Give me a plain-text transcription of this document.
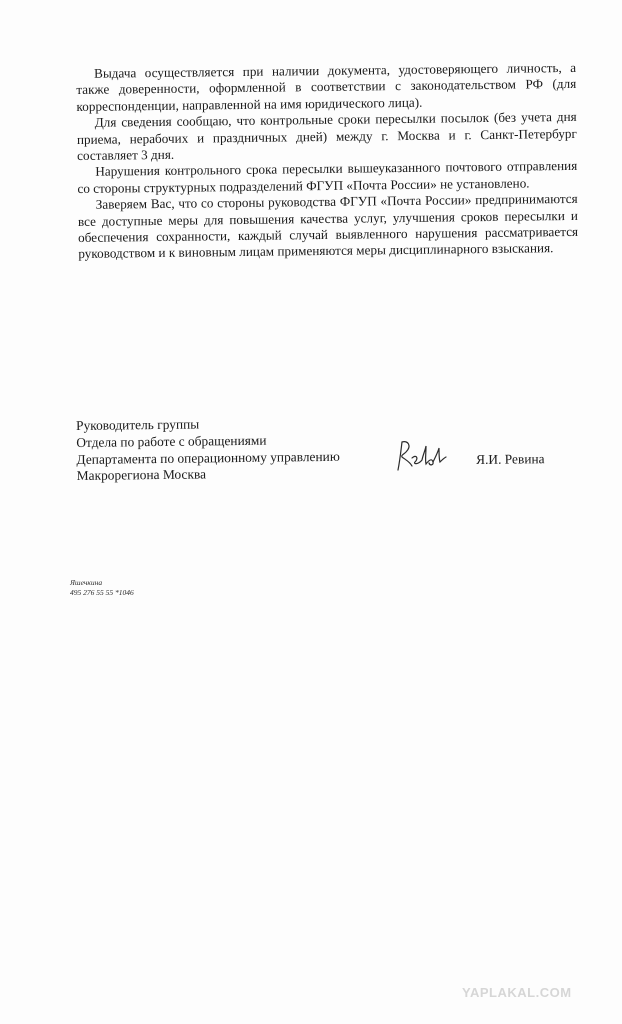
Выдача осуществляется при наличии документа, удостоверяющего личность, а также доверенности, оформленной в соответствии с законодательством РФ (для корреспонденции, направленной на имя юридического лица).

Для сведения сообщаю, что контрольные сроки пересылки посылок (без учета дня приема, нерабочих и праздничных дней) между г. Москва и г. Санкт-Петербург составляет 3 дня.

Нарушения контрольного срока пересылки вышеуказанного почтового отправления со стороны структурных подразделений ФГУП «Почта России» не установлено.

Заверяем Вас, что со стороны руководства ФГУП «Почта России» предпринимаются все доступные меры для повышения качества услуг, улучшения сроков пересылки и обеспечения сохранности, каждый случай выявленного нарушения рассматривается руководством и к виновным лицам применяются меры дисциплинарного взыскания.

Руководитель группы
Отдела по работе с обращениями
Департамента по операционному управлению
Макрорегиона Москва
Я.И. Ревина
Яшечкина
495 276 55 55 *1046
YAPLAKAL.COM
